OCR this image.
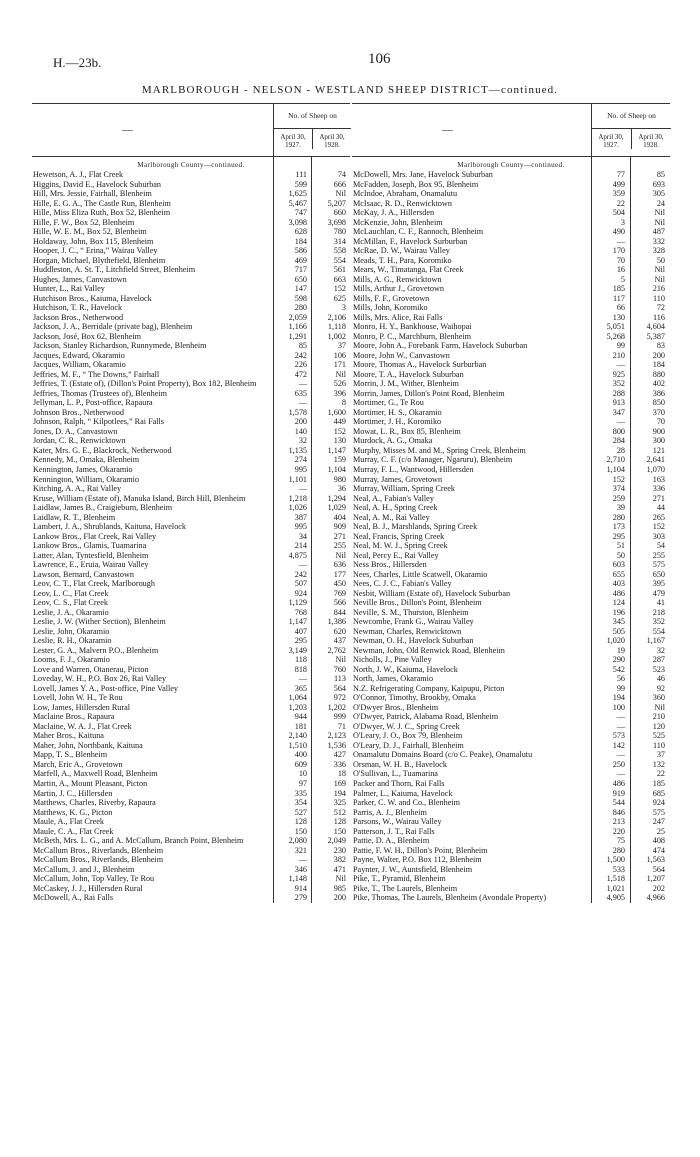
H.—23b.	106
MARLBOROUGH - NELSON - WESTLAND SHEEP DISTRICT—continued.
—
No. of Sheep on
April 30,
1927.
April 30,
1928.
Marlborough County—continued.
Hewetson, A. J., Flat Creek	111	74
Higgins, David E., Havelock Suburban	599	666
Hill, Mrs. Jessie, Fairhall, Blenheim	1,625	Nil
Hille, E. G. A., The Castle Run, Blenheim	5,467	5,207
Hille, Miss Eliza Ruth, Box 52, Blenheim	747	660
Hille, F. W., Box 52, Blenheim	3,098	3,698
Hille, W. E. M., Box 52, Blenheim	628	780
Holdaway, John, Box 115, Blenheim	184	314
Hooper, J. C., “ Erina,” Wairau Valley	586	558
Horgan, Michael, Blythefield, Blenheim	469	554
Huddleston, A. St. T., Litchfield Street, Blenheim	717	561
Hughes, James, Canvastown	650	663
Hunter, L., Rai Valley	147	152
Hutchison Bros., Kaiuma, Havelock	598	625
Hutchison, T. R., Havelock	280	3
Jackson Bros., Netherwood	2,059	2,106
Jackson, J. A., Berridale (private bag), Blenheim	1,166	1,118
Jackson, José, Box 62, Blenheim	1,291	1,002
Jackson, Stanley Richardson, Runnymede, Blenheim	85	37
Jacques, Edward, Okaramio	242	106
Jacques, William, Okaramio	226	171
Jeffries, M. F., “ The Downs,” Fairhall	472	Nil
Jeffries, T. (Estate of), (Dillon's Point Property), Box 182, Blenheim	—	526
Jeffries, Thomas (Trustees of), Blenheim	635	396
Jellyman, L. P., Post-office, Rapaura	—	8
Johnson Bros., Netherwood	1,578	1,600
Johnson, Ralph, “ Kilpotlees,” Rai Falls	200	449
Jones, D. A., Canvastown	140	152
Jordan, C. R., Renwicktown	32	130
Kater, Mrs. G. E., Blackrock, Netherwood	1,135	1,147
Kennedy, M., Omaka, Blenheim	274	159
Kennington, James, Okaramio	995	1,104
Kennington, William, Okaramio	1,101	980
Kitching, A. A., Rai Valley	—	36
Kruse, William (Estate of), Manuka Island, Birch Hill, Blenheim	1,218	1,294
Laidlaw, James B., Craigieburn, Blenheim	1,026	1,029
Laidlaw, R. T., Blenheim	387	404
Lambert, J. A., Shrublands, Kaituna, Havelock	995	909
Lankow Bros., Flat Creek, Rai Valley	34	271
Lankow Bros., Glamis, Tuamarina	214	255
Latter, Alan, Tyntesfield, Blenheim	4,875	Nil
Lawrence, E., Eruia, Wairau Valley	—	636
Lawson, Bernard, Canvastown	242	177
Leov, C. T., Flat Creek, Marlborough	507	450
Leov, L. C., Flat Creek	924	769
Leov, C. S., Flat Creek	1,129	566
Leslie, J. A., Okaramio	768	844
Leslie, J. W. (Wither Section), Blenheim	1,147	1,386
Leslie, John, Okaramio	407	620
Leslie, R. H., Okaramio	295	437
Lester, G. A., Malvern P.O., Blenheim	3,149	2,762
Looms, F. J., Okaramio	118	Nil
Love and Warren, Otanerau, Picton	818	760
Loveday, W. H., P.O. Box 26, Rai Valley	—	113
Lovell, James Y. A., Post-office, Pine Valley	365	564
Lovell, John W. H., Te Rou	1,064	972
Low, James, Hillersden Rural	1,203	1,202
Maclaine Bros., Rapaura	944	999
Maclaine, W. A. J., Flat Creek	181	71
Maher Bros., Kaituna	2,140	2,123
Maher, John, Northbank, Kaituna	1,510	1,536
Mapp, T. S., Blenheim	400	427
March, Eric A., Grovetown	609	336
Marfell, A., Maxwell Road, Blenheim	10	18
Martin, A., Mount Pleasant, Picton	97	169
Martin, J. C., Hillersden	335	194
Matthews, Charles, Riverby, Rapaura	354	325
Matthews, K. G., Picton	527	512
Maule, A., Flat Creek	128	128
Maule, C. A., Flat Creek	150	150
McBeth, Mrs. L. G., and A. McCallum, Branch Point, Blenheim	2,080	2,049
McCallum Bros., Riverlands, Blenheim	321	230
McCallum Bros., Riverlands, Blenheim	—	382
McCallum, J. and J., Blenheim	346	471
McCallum, John, Top Valley, Te Rou	1,148	Nil
McCaskey, J. J., Hillersden Rural	914	985
McDowell, A., Rai Falls	279	200
—
No. of Sheep on
April 30,
1927.
April 30,
1928.
Marlborough County—continued.
McDowell, Mrs. Jane, Havelock Suburban	77	85
McFadden, Joseph, Box 95, Blenheim	499	693
McIndoe, Abraham, Onamalutu	359	305
McIsaac, R. D., Renwicktown	22	24
McKay, J. A., Hillersden	504	Nil
McKenzie, John, Blenheim	3	Nil
McLauchlan, C. F., Rannoch, Blenheim	490	487
McMillan, F., Havelock Surburban	—	332
McRae, D. W., Wairau Valley	170	328
Meads, T. H., Para, Koromiko	70	50
Mears, W., Timatanga, Flat Creek	16	Nil
Mills, A. G., Renwicktown	5	Nil
Mills, Arthur J., Grovetown	185	216
Mills, F. F., Grovetown	117	110
Mills, John, Koromiko	66	72
Mills, Mrs. Alice, Rai Falls	130	116
Monro, H. Y., Bankhouse, Waihopai	5,051	4,604
Monro, P. C., Marchburn, Blenheim	5,268	5,387
Moore, John A., Forebank Farm, Havelock Suburban	99	83
Moore, John W., Canvastown	210	200
Moore, Thomas A., Havelock Surburban	—	184
Moore, T. A., Havelock Suburban	925	880
Morrin, J. M., Wither, Blenheim	352	402
Morrin, James, Dillon's Point Road, Blenheim	288	386
Mortimer, G., Te Rou	913	850
Mortimer, H. S., Okaramio	347	370
Mortimer, J. H., Koromiko	—	70
Mowat, L. R., Box 85, Blenheim	800	900
Murdock, A. G., Omaka	284	300
Murphy, Misses M. and M., Spring Creek, Blenheim	28	121
Murray, C. F. (c/o Manager, Ngaruru), Blenheim	2,710	2,641
Murray, F. L., Wantwood, Hillersden	1,104	1,070
Murray, James, Grovetown	152	163
Murray, William, Spring Creek	374	336
Neal, A., Fabian's Valley	259	271
Neal, A. H., Spring Creek	39	44
Neal, A. M., Rai Valley	280	265
Neal, B. J., Marshlands, Spring Creek	173	152
Neal, Francis, Spring Creek	295	303
Neal, M. W. J., Spring Creek	51	54
Neal, Percy E., Rai Valley	50	255
Ness Bros., Hillersden	603	575
Nees, Charles, Little Scatwell, Okaramio	655	650
Nees, C. J. C., Fabian's Valley	403	395
Nesbit, William (Estate of), Havelock Suburban	486	479
Neville Bros., Dillon's Point, Blenheim	124	41
Neville, S. M., Thurston, Blenheim	196	218
Newcombe, Frank G., Wairau Valley	345	352
Newman, Charles, Renwicktown	505	554
Newman, O. H., Havelock Suburban	1,020	1,167
Newman, John, Old Renwick Road, Blenheim	19	32
Nicholls, J., Pine Valley	290	287
North, J. W., Kaiuma, Havelock	542	523
North, James, Okaramio	56	46
N.Z. Refrigerating Company, Kaipupu, Picton	99	92
O'Connor, Timothy, Brookby, Omaka	194	360
O'Dwyer Bros., Blenheim	100	Nil
O'Dwyer, Patrick, Alabama Road, Blenheim	—	210
O'Dwyer, W. J. C., Spring Creek	—	120
O'Leary, J. O., Box 79, Blenheim	573	525
O'Leary, D. J., Fairhall, Blenheim	142	110
Onamalutu Domains Board (c/o C. Peake), Onamalutu	—	37
Orsman, W. H. B., Havelock	250	132
O'Sullivan, L., Tuamarina	—	22
Packer and Thorn, Rai Falls	486	185
Palmer, L., Kaiuma, Havelock	919	685
Parker, C. W. and Co., Blenheim	544	924
Parris, A. J., Blenheim	846	575
Parsons, W., Wairau Valley	213	247
Patterson, J. T., Rai Falls	220	25
Pattie, D. A., Blenheim	75	408
Pattie, F. W. H., Dillon's Point, Blenheim	280	474
Payne, Walter, P.O. Box 112, Blenheim	1,500	1,563
Paynter, J. W., Auntsfield, Blenheim	533	564
Pike, T., Pyramid, Blenheim	1,518	1,207
Pike, T., The Laurels, Blenheim	1,021	202
Pike, Thomas, The Laurels, Blenheim (Avondale Property)	4,905	4,966
